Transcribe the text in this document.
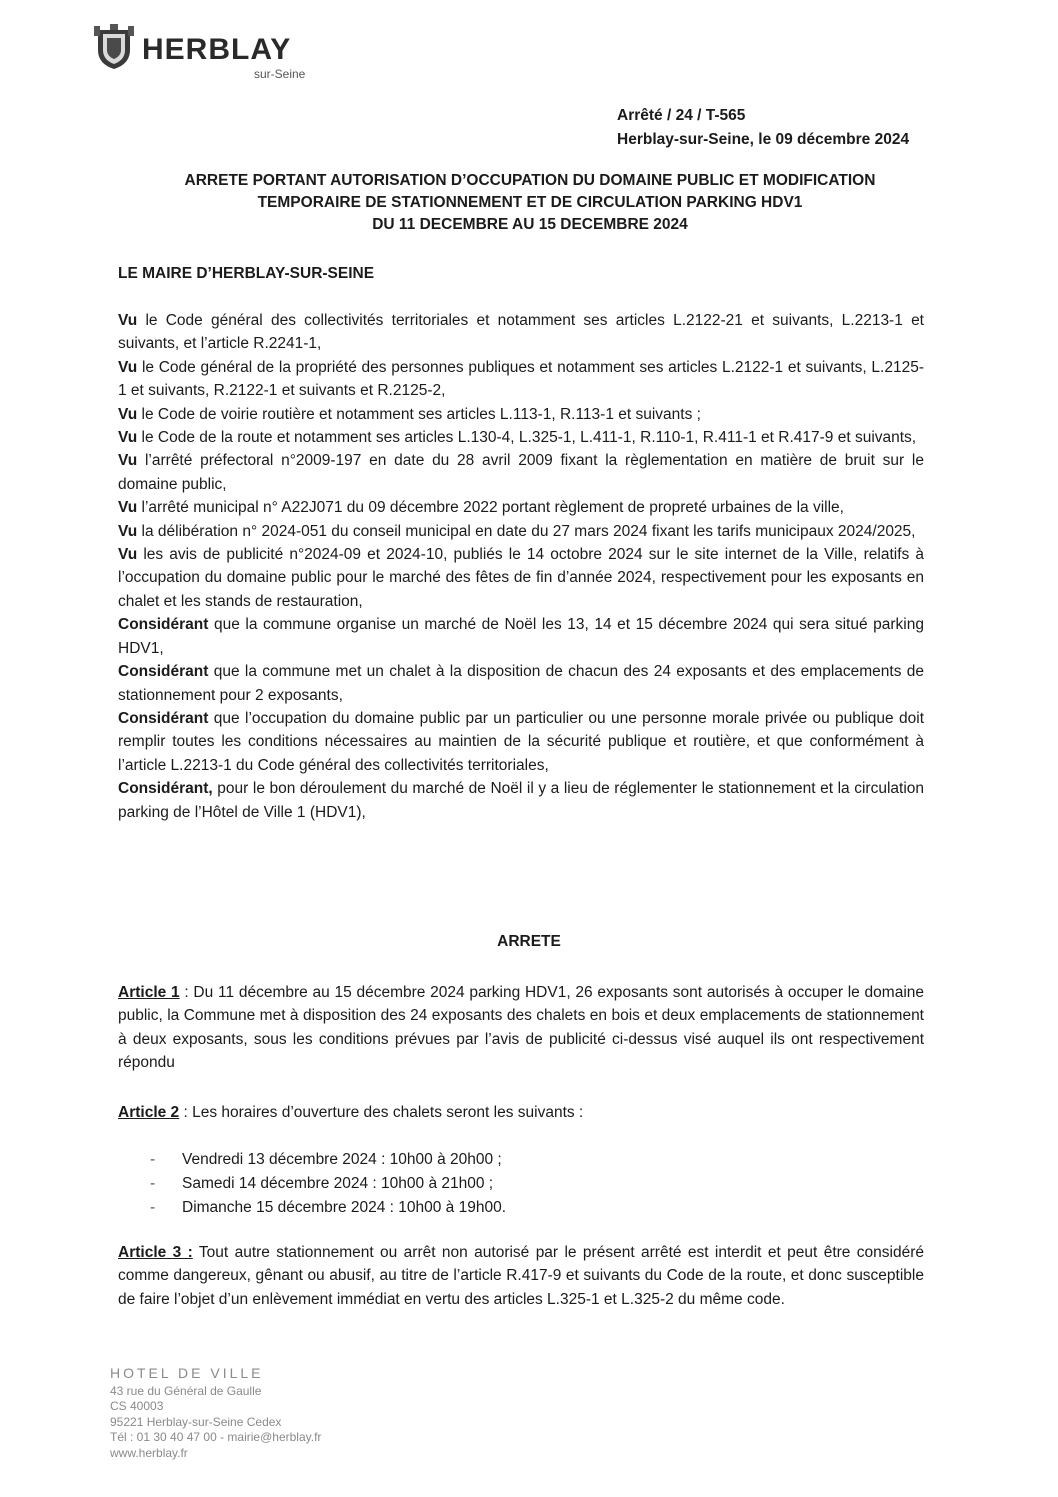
HERBLAY
sur-Seine
Arrêté / 24 / T-565
Herblay-sur-Seine, le 09 décembre 2024
ARRETE PORTANT AUTORISATION D’OCCUPATION DU DOMAINE PUBLIC ET MODIFICATION
TEMPORAIRE DE STATIONNEMENT ET DE CIRCULATION PARKING HDV1
DU 11 DECEMBRE AU 15 DECEMBRE 2024
LE MAIRE D’HERBLAY-SUR-SEINE

Vu le Code général des collectivités territoriales et notamment ses articles L.2122-21 et suivants, L.2213-1 et suivants, et l’article R.2241-1,

Vu le Code général de la propriété des personnes publiques et notamment ses articles L.2122-1 et suivants, L.2125-1 et suivants, R.2122-1 et suivants et R.2125-2,

Vu le Code de voirie routière et notamment ses articles L.113-1, R.113-1 et suivants ;

Vu le Code de la route et notamment ses articles L.130-4, L.325-1, L.411-1, R.110-1, R.411-1 et R.417-9 et suivants,

Vu l’arrêté préfectoral n°2009-197 en date du 28 avril 2009 fixant la règlementation en matière de bruit sur le domaine public,

Vu l’arrêté municipal n° A22J071 du 09 décembre 2022 portant règlement de propreté urbaines de la ville,

Vu la délibération n° 2024-051 du conseil municipal en date du 27 mars 2024 fixant les tarifs municipaux 2024/2025,

Vu les avis de publicité n°2024-09 et 2024-10, publiés le 14 octobre 2024 sur le site internet de la Ville, relatifs à l’occupation du domaine public pour le marché des fêtes de fin d’année 2024, respectivement pour les exposants en chalet et les stands de restauration,

Considérant que la commune organise un marché de Noël les 13, 14 et 15 décembre 2024 qui sera situé parking HDV1,

Considérant que la commune met un chalet à la disposition de chacun des 24 exposants et des emplacements de stationnement pour 2 exposants,

Considérant que l’occupation du domaine public par un particulier ou une personne morale privée ou publique doit remplir toutes les conditions nécessaires au maintien de la sécurité publique et routière, et que conformément à l’article L.2213-1 du Code général des collectivités territoriales,

Considérant, pour le bon déroulement du marché de Noël il y a lieu de réglementer le stationnement et la circulation parking de l’Hôtel de Ville 1 (HDV1),

ARRETE

Article 1 : Du 11 décembre au 15 décembre 2024 parking HDV1, 26 exposants sont autorisés à occuper le domaine public, la Commune met à disposition des 24 exposants des chalets en bois et deux emplacements de stationnement à deux exposants, sous les conditions prévues par l’avis de publicité ci-dessus visé auquel ils ont respectivement répondu

Article 2 : Les horaires d’ouverture des chalets seront les suivants :

-	Vendredi 13 décembre 2024 : 10h00 à 20h00 ;
-	Samedi 14 décembre 2024 : 10h00 à 21h00 ;
-	Dimanche 15 décembre 2024 : 10h00 à 19h00.

Article 3 : Tout autre stationnement ou arrêt non autorisé par le présent arrêté est interdit et peut être considéré comme dangereux, gênant ou abusif, au titre de l’article R.417-9 et suivants du Code de la route, et donc susceptible de faire l’objet d’un enlèvement immédiat en vertu des articles L.325-1 et L.325-2 du même code.

HOTEL DE VILLE
43 rue du Général de Gaulle
CS 40003
95221 Herblay-sur-Seine Cedex
Tél : 01 30 40 47 00 - mairie@herblay.fr
www.herblay.fr
